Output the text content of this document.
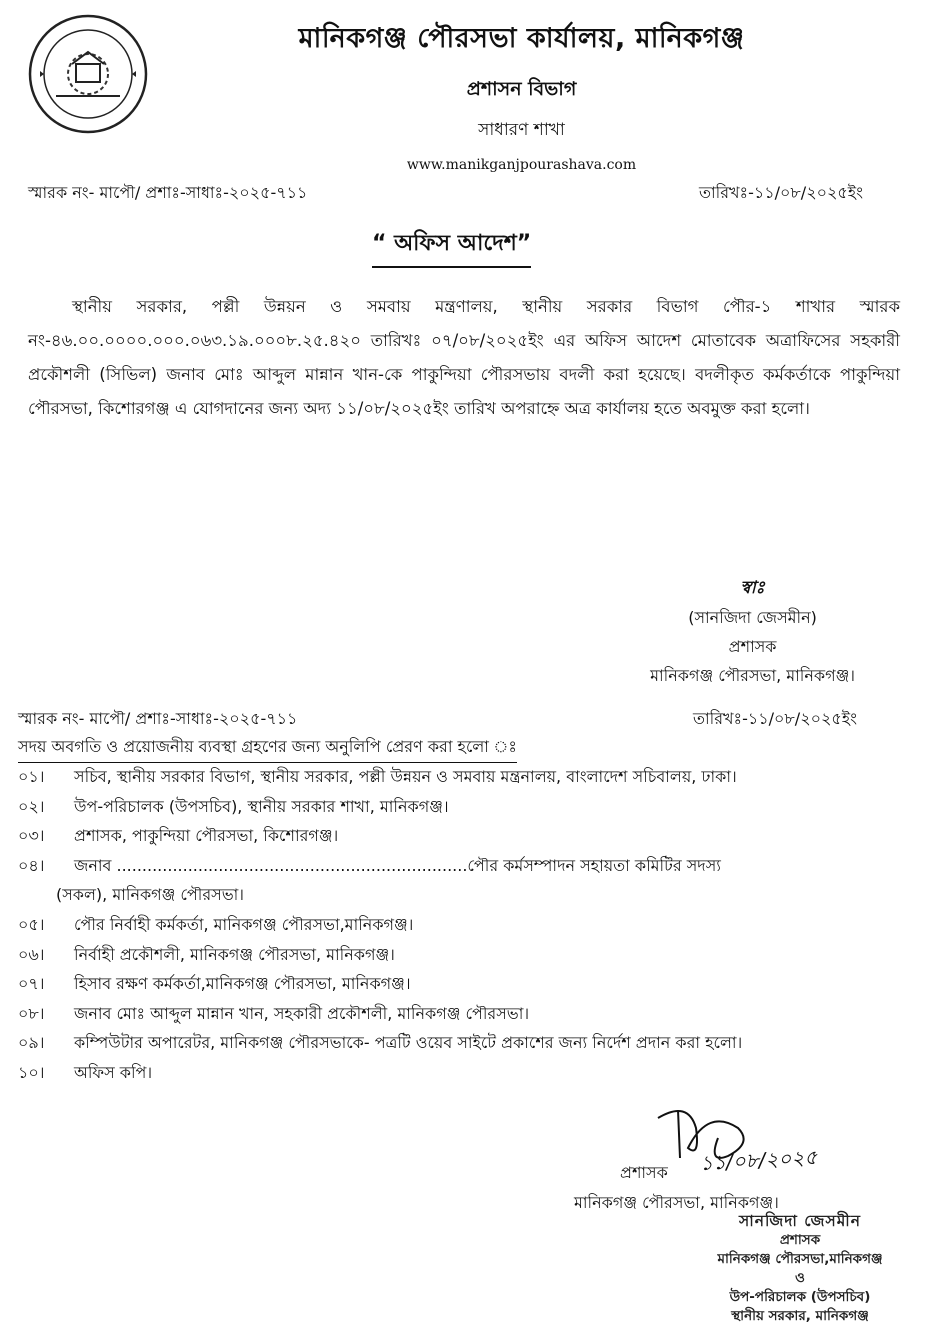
মানিকগঞ্জ পৌরসভা কার্যালয়, মানিকগঞ্জ
প্রশাসন বিভাগ
সাধারণ শাখা
www.manikganjpourashava.com
স্মারক নং- মাপৌ/ প্রশাঃ-সাধাঃ-২০২৫-৭১১	তারিখঃ-১১/০৮/২০২৫ইং
“ অফিস আদেশ”
স্থানীয় সরকার, পল্লী উন্নয়ন ও সমবায় মন্ত্রণালয়, স্থানীয় সরকার বিভাগ পৌর-১ শাখার স্মারক নং-৪৬.০০.০০০০.০০০.০৬৩.১৯.০০০৮.২৫.৪২০ তারিখঃ ০৭/০৮/২০২৫ইং এর অফিস আদেশ মোতাবেক অত্রাফিসের সহকারী প্রকৌশলী (সিভিল) জনাব মোঃ আব্দুল মান্নান খান-কে পাকুন্দিয়া পৌরসভায় বদলী করা হয়েছে। বদলীকৃত কর্মকর্তাকে পাকুন্দিয়া পৌরসভা, কিশোরগঞ্জ এ যোগদানের জন্য অদ্য ১১/০৮/২০২৫ইং তারিখ অপরাহ্নে অত্র কার্যালয় হতে অবমুক্ত করা হলো।
স্বাঃ
(সানজিদা জেসমীন)
প্রশাসক
মানিকগঞ্জ পৌরসভা, মানিকগঞ্জ।
স্মারক নং- মাপৌ/ প্রশাঃ-সাধাঃ-২০২৫-৭১১	তারিখঃ-১১/০৮/২০২৫ইং
সদয় অবগতি ও প্রয়োজনীয় ব্যবস্থা গ্রহণের জন্য অনুলিপি প্রেরণ করা হলো ঃ
০১।	সচিব, স্থানীয় সরকার বিভাগ, স্থানীয় সরকার, পল্লী উন্নয়ন ও সমবায় মন্ত্রনালয়, বাংলাদেশ সচিবালয়, ঢাকা।
০২।	উপ-পরিচালক (উপসচিব), স্থানীয় সরকার শাখা, মানিকগঞ্জ।
০৩।	প্রশাসক, পাকুন্দিয়া পৌরসভা, কিশোরগঞ্জ।
০৪।	জনাব .....................................................................পৌর কর্মসম্পাদন সহায়তা কমিটির সদস্য
(সকল), মানিকগঞ্জ পৌরসভা।
০৫।	পৌর নির্বাহী কর্মকর্তা, মানিকগঞ্জ পৌরসভা,মানিকগঞ্জ।
০৬।	নির্বাহী প্রকৌশলী, মানিকগঞ্জ পৌরসভা, মানিকগঞ্জ।
০৭।	হিসাব রক্ষণ কর্মকর্তা,মানিকগঞ্জ পৌরসভা, মানিকগঞ্জ।
০৮।	জনাব মোঃ আব্দুল মান্নান খান, সহকারী প্রকৌশলী, মানিকগঞ্জ পৌরসভা।
০৯।	কম্পিউটার অপারেটর, মানিকগঞ্জ পৌরসভাকে- পত্রটি ওয়েব সাইটে প্রকাশের জন্য নির্দেশ প্রদান করা হলো।
১০।	অফিস কপি।
১১/০৮/২০২৫
প্রশাসক
মানিকগঞ্জ পৌরসভা, মানিকগঞ্জ।
সানজিদা জেসমীন
প্রশাসক
মানিকগঞ্জ পৌরসভা,মানিকগঞ্জ
ও
উপ-পরিচালক (উপসচিব)
স্থানীয় সরকার, মানিকগঞ্জ
